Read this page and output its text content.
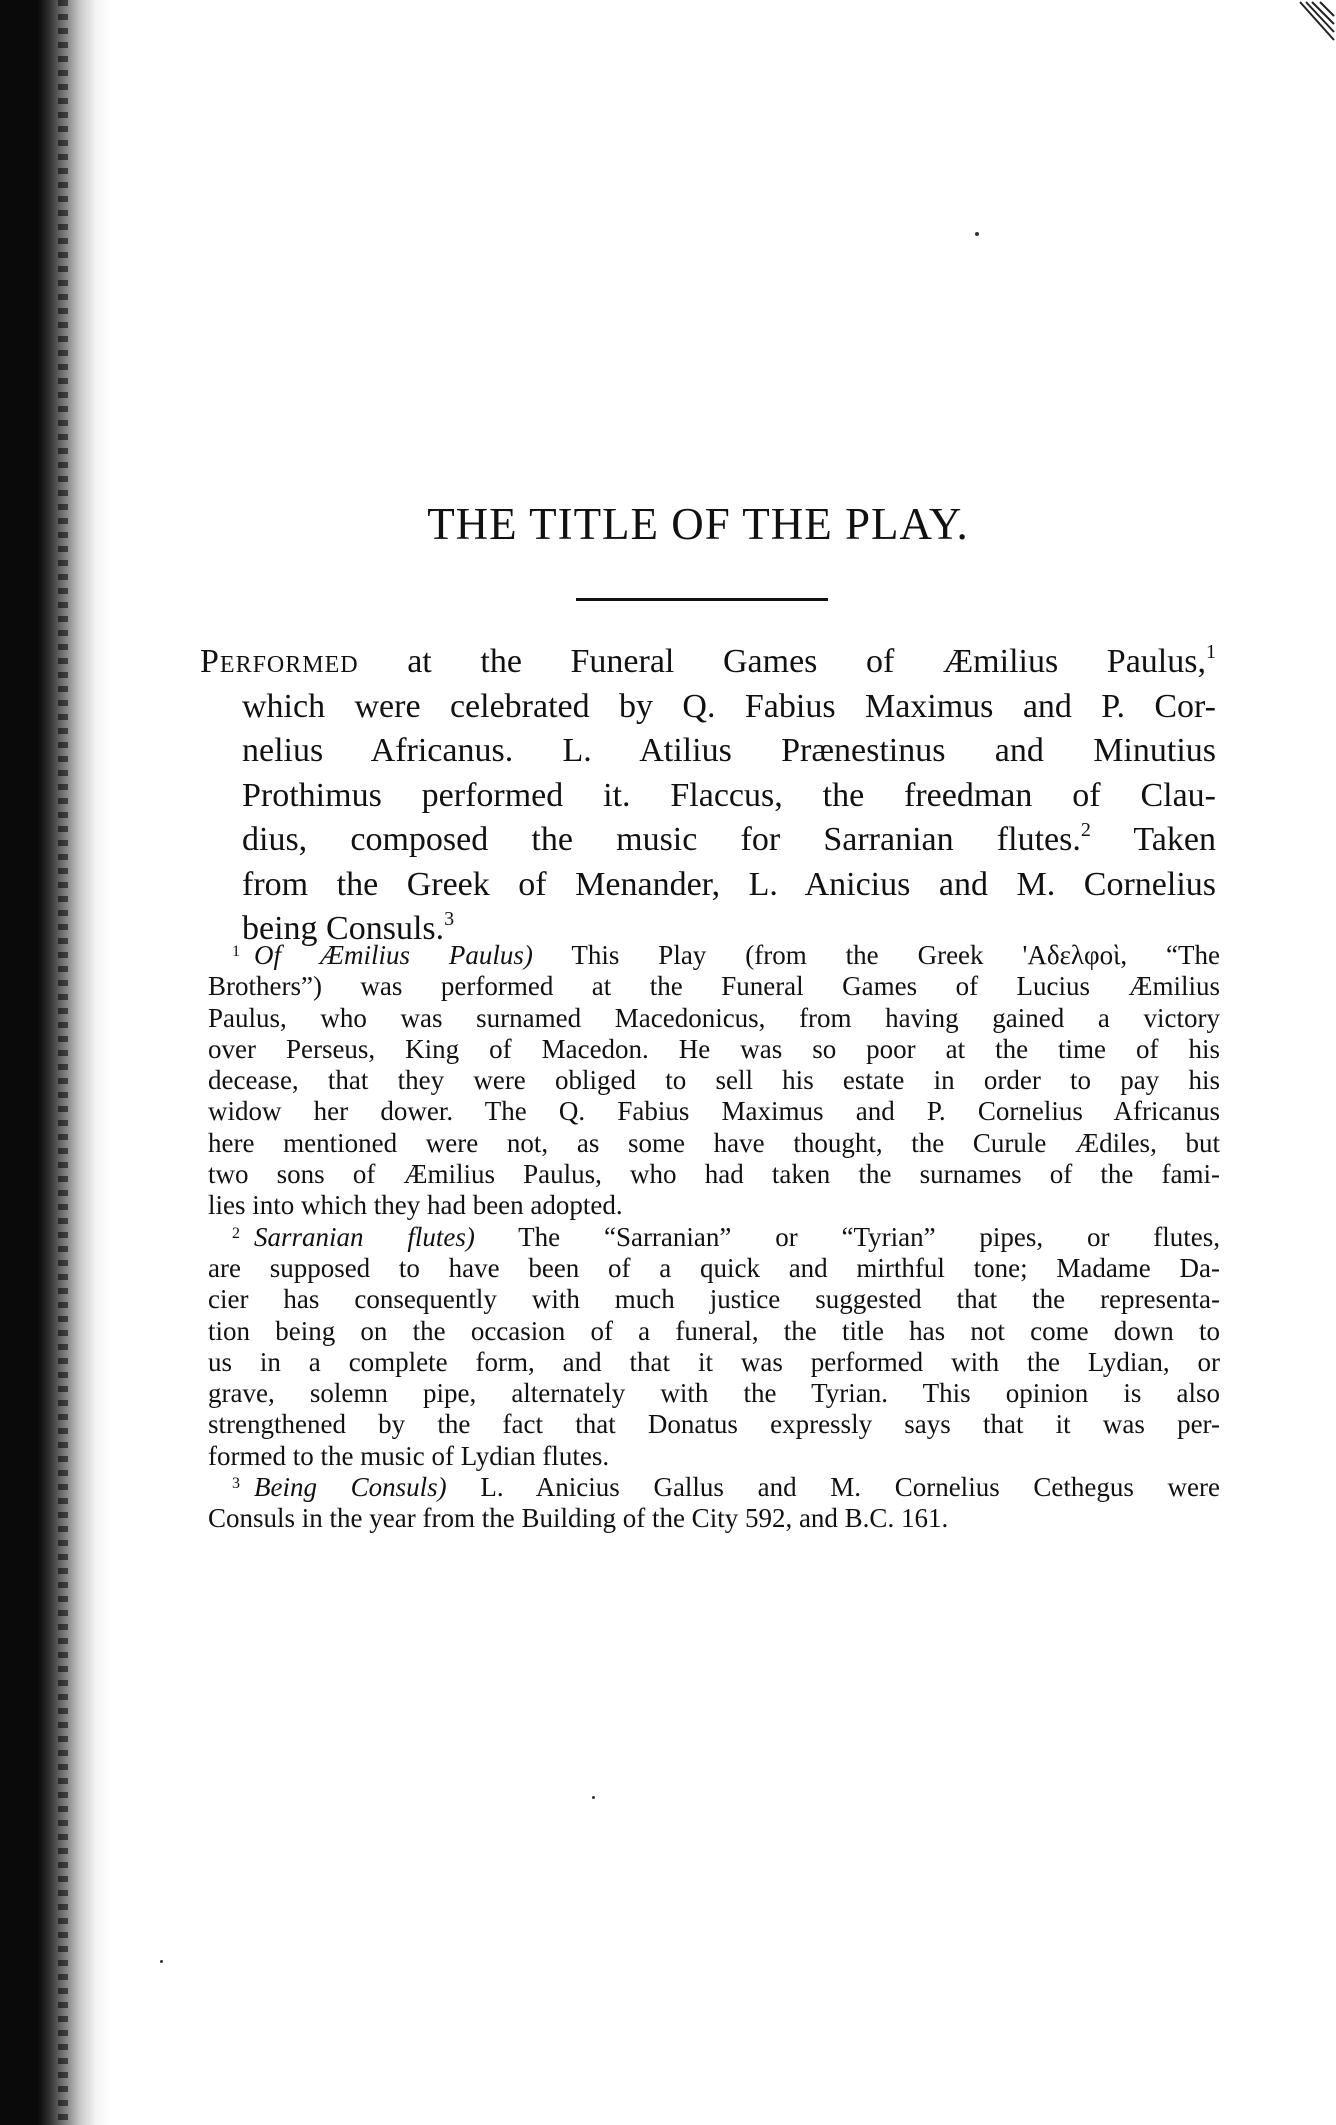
THE TITLE OF THE PLAY.
Performed at the Funeral Games of Æmilius Paulus,$^1$
which were celebrated by Q. Fabius Maximus and P. Cor-
nelius Africanus. L. Atilius Prænestinus and Minutius
Prothimus performed it. Flaccus, the freedman of Clau-
dius, composed the music for Sarranian flutes.$^2$ Taken
from the Greek of Menander, L. Anicius and M. Cornelius
being Consuls.$^3$
$^1$ Of Æmilius Paulus) This Play (from the Greek 'Αδελφοὶ, “The
Brothers”) was performed at the Funeral Games of Lucius Æmilius
Paulus, who was surnamed Macedonicus, from having gained a victory
over Perseus, King of Macedon. He was so poor at the time of his
decease, that they were obliged to sell his estate in order to pay his
widow her dower. The Q. Fabius Maximus and P. Cornelius Africanus
here mentioned were not, as some have thought, the Curule Ædiles, but
two sons of Æmilius Paulus, who had taken the surnames of the fami-
lies into which they had been adopted.
$^2$ Sarranian flutes) The “Sarranian” or “Tyrian” pipes, or flutes,
are supposed to have been of a quick and mirthful tone; Madame Da-
cier has consequently with much justice suggested that the representa-
tion being on the occasion of a funeral, the title has not come down to
us in a complete form, and that it was performed with the Lydian, or
grave, solemn pipe, alternately with the Tyrian. This opinion is also
strengthened by the fact that Donatus expressly says that it was per-
formed to the music of Lydian flutes.
$^3$ Being Consuls) L. Anicius Gallus and M. Cornelius Cethegus were
Consuls in the year from the Building of the City 592, and B.C. 161.
